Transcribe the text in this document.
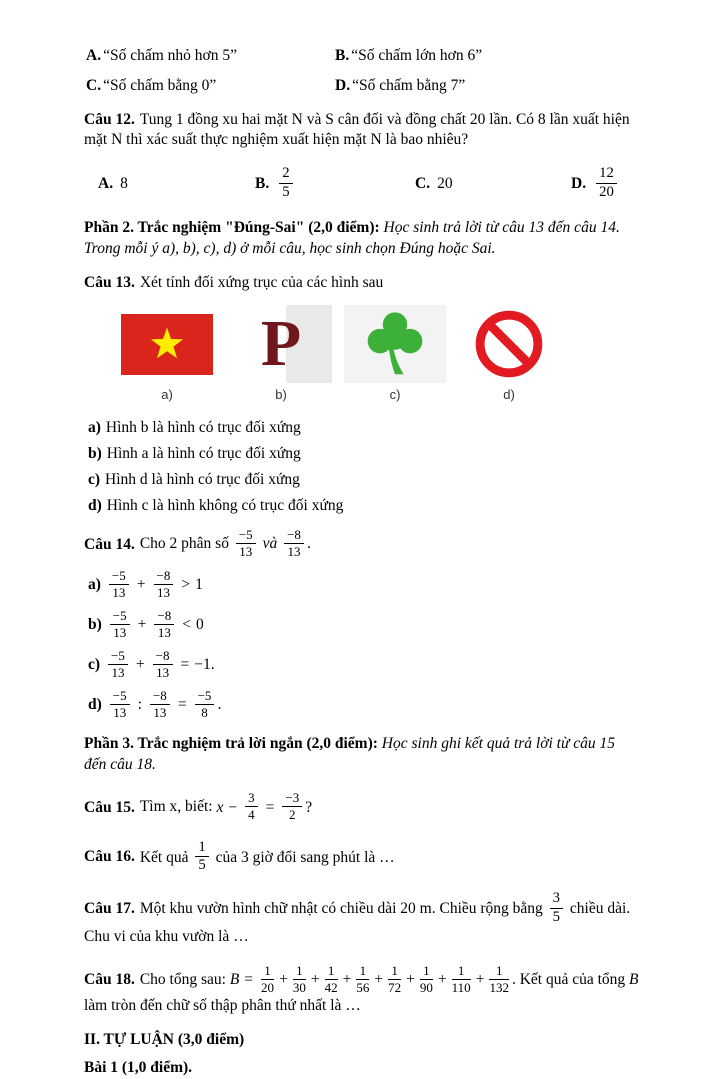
A. “Số chấm nhỏ hơn 5”	B. “Số chấm lớn hơn 6”

C. “Số chấm bằng 0”	D. “Số chấm bằng 7”

Câu 12. Tung 1 đồng xu hai mặt N và S cân đối và đồng chất 20 lần. Có 8 lần xuất hiện mặt N thì xác suất thực nghiệm xuất hiện mặt N là bao nhiêu?

A. 8	B. $\frac{2}{5}$	C. 20	D. $\frac{12}{20}$

Phần 2. Trắc nghiệm "Đúng-Sai" (2,0 điểm): Học sinh trả lời từ câu 13 đến câu 14. Trong mỗi ý a), b), c), d) ở mỗi câu, học sinh chọn Đúng hoặc Sai.

Câu 13. Xét tính đối xứng trục của các hình sau

a)
P
b)	c)	d)

a) Hình b là hình có trục đối xứng

b) Hình a là hình có trục đối xứng

c) Hình d là hình có trục đối xứng

d) Hình c là hình không có trục đối xứng

Câu 14. Cho 2 phân số $\frac{-5}{13}$ và $\frac{-8}{13}$ .

$a) \frac{-5}{13} + \frac{-8}{13} > 1$

$b) \frac{-5}{13} + \frac{-8}{13} < 0$

$c) \frac{-5}{13} + \frac{-8}{13} = -1$.

$d) \frac{-5}{13}$ : $\frac{-8}{13} = \frac{-5}{8}$ .

Phần 3. Trắc nghiệm trả lời ngắn (2,0 điểm): Học sinh ghi kết quả trả lời từ câu 15 đến câu 18.

Câu 15. Tìm x, biết: $x - \frac{3}{4} = \frac{-3}{2}$ ?

Câu 16. Kết quả $\frac{1}{5}$ của 3 giờ đổi sang phút là …

Câu 17. Một khu vườn hình chữ nhật có chiều dài 20 m. Chiều rộng bằng $\frac{3}{5}$ chiều dài. Chu vi của khu vườn là …

Câu 18. Cho tổng sau: $B = \frac{1}{20} + \frac{1}{30} + \frac{1}{42} + \frac{1}{56} + \frac{1}{72} + \frac{1}{90} + \frac{1}{110} + \frac{1}{132}$ . Kết quả của tổng B làm tròn đến chữ số thập phân thứ nhất là …

II. TỰ LUẬN (3,0 điểm)

Bài 1 (1,0 điểm).
